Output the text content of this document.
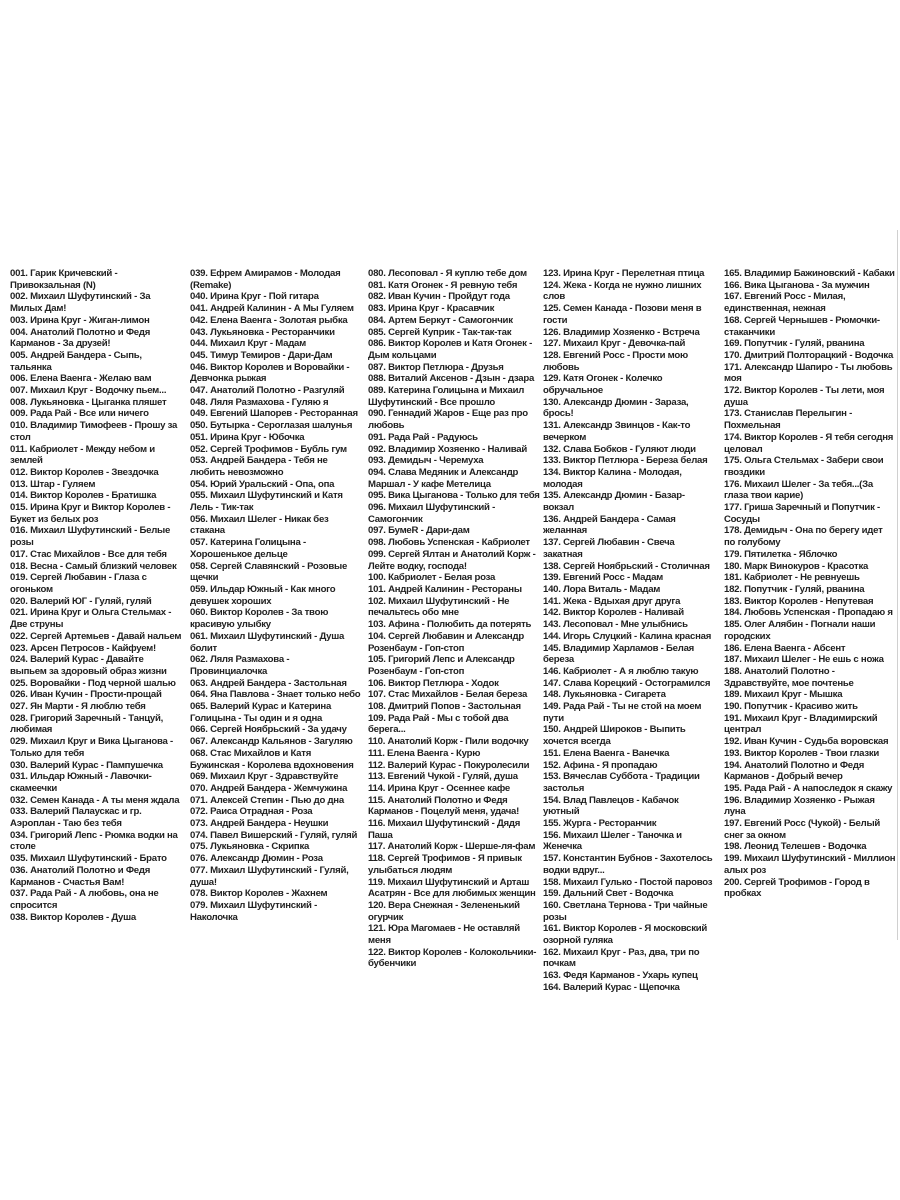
001. Гарик Кричевский - Привокзальная (N)
002. Михаил Шуфутинский - За Милых Дам!
003. Ирина Круг - Жиган-лимон
004. Анатолий Полотно и Федя Карманов - За друзей!
005. Андрей Бандера - Сыпь, тальянка
006. Елена Ваенга - Желаю вам
007. Михаил Круг - Водочку пьем...
008. Лукьяновка - Цыганка пляшет
009. Рада Рай - Все или ничего
010. Владимир Тимофеев - Прошу за стол
011. Кабриолет - Между небом и землей
012. Виктор Королев - Звездочка
013. Штар - Гуляем
014. Виктор Королев - Братишка
015. Ирина Круг и Виктор Королев - Букет из белых роз
016. Михаил Шуфутинский - Белые розы
017. Стас Михайлов - Все для тебя
018. Весна - Самый близкий человек
019. Сергей Любавин - Глаза с огоньком
020. Валерий ЮГ - Гуляй, гуляй
021. Ирина Круг и Ольга Стельмах - Две струны
022. Сергей Артемьев - Давай нальем
023. Арсен Петросов - Кайфуем!
024. Валерий Курас - Давайте выпьем за здоровый образ жизни
025. Воровайки - Под черной шалью
026. Иван Кучин - Прости-прощай
027. Ян Марти - Я люблю тебя
028. Григорий Заречный - Танцуй, любимая
029. Михаил Круг и Вика Цыганова - Только для тебя
030. Валерий Курас - Пампушечка
031. Ильдар Южный - Лавочки-скамеечки
032. Семен Канада - А ты меня ждала
033. Валерий Палаускас и гр. Аэроплан - Таю без тебя
034. Григорий Лепс - Рюмка водки на столе
035. Михаил Шуфутинский - Брато
036. Анатолий Полотно и Федя Карманов - Счастья Вам!
037. Рада Рай - А любовь, она не спросится
038. Виктор Королев - Душа
039. Ефрем Амирамов - Молодая (Remake)
040. Ирина Круг - Пой гитара
041. Андрей Калинин - А Мы Гуляем
042. Елена Ваенга - Золотая рыбка
043. Лукьяновка - Ресторанчики
044. Михаил Круг - Мадам
045. Тимур Темиров - Дари-Дам
046. Виктор Королев и Воровайки - Девчонка рыжая
047. Анатолий Полотно - Разгуляй
048. Ляля Размахова - Гуляю я
049. Евгений Шапорев - Ресторанная
050. Бутырка - Сероглазая шалунья
051. Ирина Круг - Юбочка
052. Сергей Трофимов - Бубль гум
053. Андрей Бандера - Тебя не любить невозможно
054. Юрий Уральский - Опа, опа
055. Михаил Шуфутинский и Катя Лель - Тик-так
056. Михаил Шелег - Никак без стакана
057. Катерина Голицына - Хорошенькое дельце
058. Сергей Славянский - Розовые щечки
059. Ильдар Южный - Как много девушек хороших
060. Виктор Королев - За твою красивую улыбку
061. Михаил Шуфутинский - Душа болит
062. Ляля Размахова - Провинциалочка
063. Андрей Бандера - Застольная
064. Яна Павлова - Знает только небо
065. Валерий Курас и Катерина Голицына - Ты один и я одна
066. Сергей Ноябрьский - За удачу
067. Александр Кальянов - Загуляю
068. Стас Михайлов и Катя Бужинская - Королева вдохновения
069. Михаил Круг - Здравствуйте
070. Андрей Бандера - Жемчужина
071. Алексей Степин - Пью до дна
072. Раиса Отрадная - Роза
073. Андрей Бандера - Неушки
074. Павел Вишерский - Гуляй, гуляй
075. Лукьяновка - Скрипка
076. Александр Дюмин - Роза
077. Михаил Шуфутинский - Гуляй, душа!
078. Виктор Королев - Жахнем
079. Михаил Шуфутинский - Наколочка
080. Лесоповал - Я куплю тебе дом
081. Катя Огонек - Я ревную тебя
082. Иван Кучин - Пройдут года
083. Ирина Круг - Красавчик
084. Артем Беркут - Самогончик
085. Сергей Куприк - Так-так-так
086. Виктор Королев и Катя Огонек - Дым кольцами
087. Виктор Петлюра - Друзья
088. Виталий Аксенов - Дзын - дзара
089. Катерина Голицына и Михаил Шуфутинский - Все прошло
090. Геннадий Жаров - Еще раз про любовь
091. Рада Рай - Радуюсь
092. Владимир Хозяенко - Наливай
093. Демидыч - Черемуха
094. Слава Медяник и Александр Маршал - У кафе Метелица
095. Вика Цыганова - Только для тебя
096. Михаил Шуфутинский - Самогончик
097. БумеR - Дари-дам
098. Любовь Успенская - Кабриолет
099. Сергей Ялтан и Анатолий Корж - Лейте водку, господа!
100. Кабриолет - Белая роза
101. Андрей Калинин - Рестораны
102. Михаил Шуфутинский - Не печальтесь обо мне
103. Афина - Полюбить да потерять
104. Сергей Любавин и Александр Розенбаум - Гоп-стоп
105. Григорий Лепс и Александр Розенбаум - Гоп-стоп
106. Виктор Петлюра - Ходок
107. Стас Михайлов - Белая береза
108. Дмитрий Попов - Застольная
109. Рада Рай - Мы с тобой два берега...
110. Анатолий Корж - Пили водочку
111. Елена Ваенга - Курю
112. Валерий Курас - Покуролесили
113. Евгений Чукой - Гуляй, душа
114. Ирина Круг - Осеннее кафе
115. Анатолий Полотно и Федя Карманов - Поцелуй меня, удача!
116. Михаил Шуфутинский - Дядя Паша
117. Анатолий Корж - Шерше-ля-фам
118. Сергей Трофимов - Я привык улыбаться людям
119. Михаил Шуфутинский и Арташ Асатрян - Все для любимых женщин
120. Вера Снежная - Зелененький огурчик
121. Юра Магомаев - Не оставляй меня
122. Виктор Королев - Колокольчики-бубенчики
123. Ирина Круг - Перелетная птица
124. Жека - Когда не нужно лишних слов
125. Семен Канада - Позови меня в гости
126. Владимир Хозяенко - Встреча
127. Михаил Круг - Девочка-пай
128. Евгений Росс - Прости мою любовь
129. Катя Огонек - Колечко обручальное
130. Александр Дюмин - Зараза, брось!
131. Александр Звинцов - Как-то вечерком
132. Слава Бобков - Гуляют люди
133. Виктор Петлюра - Береза белая
134. Виктор Калина - Молодая, молодая
135. Александр Дюмин - Базар-вокзал
136. Андрей Бандера - Самая желанная
137. Сергей Любавин - Свеча закатная
138. Сергей Ноябрьский - Столичная
139. Евгений Росс - Мадам
140. Лора Виталь - Мадам
141. Жека - Вдыхая друг друга
142. Виктор Королев - Наливай
143. Лесоповал - Мне улыбнись
144. Игорь Слуцкий - Калина красная
145. Владимир Харламов - Белая береза
146. Кабриолет - А я люблю такую
147. Слава Корецкий - Остограмился
148. Лукьяновка - Сигарета
149. Рада Рай - Ты не стой на моем пути
150. Андрей Широков - Выпить хочется всегда
151. Елена Ваенга - Ванечка
152. Афина - Я пропадаю
153. Вячеслав Суббота - Традиции застолья
154. Влад Павлецов - Кабачок уютный
155. Журга - Ресторанчик
156. Михаил Шелег - Таночка и Женечка
157. Константин Бубнов - Захотелось водки вдруг...
158. Михаил Гулько - Постой паровоз
159. Дальний Свет - Водочка
160. Светлана Тернова - Три чайные розы
161. Виктор Королев - Я московский озорной гуляка
162. Михаил Круг - Раз, два, три по почкам
163. Федя Карманов - Ухарь купец
164. Валерий Курас - Щепочка
165. Владимир Бажиновский - Кабаки
166. Вика Цыганова - За мужчин
167. Евгений Росс - Милая, единственная, нежная
168. Сергей Чернышев - Рюмочки-стаканчики
169. Попутчик - Гуляй, рванина
170. Дмитрий Полторацкий - Водочка
171. Александр Шапиро - Ты любовь моя
172. Виктор Королев - Ты лети, моя душа
173. Станислав Перелыгин - Похмельная
174. Виктор Королев - Я тебя сегодня целовал
175. Ольга Стельмах - Забери свои гвоздики
176. Михаил Шелег - За тебя...(За глаза твои карие)
177. Гриша Заречный и Попутчик - Сосуды
178. Демидыч - Она по берегу идет по голубому
179. Пятилетка - Яблочко
180. Марк Винокуров - Красотка
181. Кабриолет - Не ревнуешь
182. Попутчик - Гуляй, рванина
183. Виктор Королев - Непутевая
184. Любовь Успенская - Пропадаю я
185. Олег Алябин - Погнали наши городских
186. Елена Ваенга - Абсент
187. Михаил Шелег - Не ешь с ножа
188. Анатолий Полотно - Здравствуйте, мое почтенье
189. Михаил Круг - Мышка
190. Попутчик - Красиво жить
191. Михаил Круг - Владимирский централ
192. Иван Кучин - Судьба воровская
193. Виктор Королев - Твои глазки
194. Анатолий Полотно и Федя Карманов - Добрый вечер
195. Рада Рай - А напоследок я скажу
196. Владимир Хозяенко - Рыжая луна
197. Евгений Росс (Чукой) - Белый снег за окном
198. Леонид Телешев - Водочка
199. Михаил Шуфутинский - Миллион алых роз
200. Сергей Трофимов - Город в пробках
